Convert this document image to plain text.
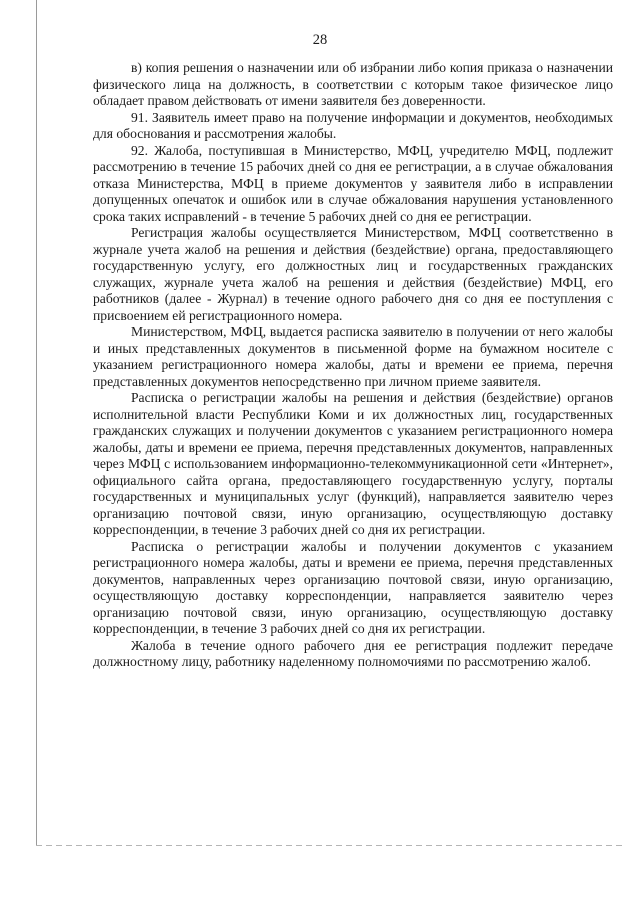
28

в) копия решения о назначении или об избрании либо копия приказа о назначении физического лица на должность, в соответствии с которым такое физическое лицо обладает правом действовать от имени заявителя без доверенности.

91. Заявитель имеет право на получение информации и документов, необходимых для обоснования и рассмотрения жалобы.

92. Жалоба, поступившая в Министерство, МФЦ, учредителю МФЦ, подлежит рассмотрению в течение 15 рабочих дней со дня ее регистрации, а в случае обжалования отказа Министерства, МФЦ в приеме документов у заявителя либо в исправлении допущенных опечаток и ошибок или в случае обжалования нарушения установленного срока таких исправлений - в течение 5 рабочих дней со дня ее регистрации.

Регистрация жалобы осуществляется Министерством, МФЦ соответственно в журнале учета жалоб на решения и действия (бездействие) органа, предоставляющего государственную услугу, его должностных лиц и государственных гражданских служащих, журнале учета жалоб на решения и действия (бездействие) МФЦ, его работников (далее - Журнал) в течение одного рабочего дня со дня ее поступления с присвоением ей регистрационного номера.

Министерством, МФЦ, выдается расписка заявителю в получении от него жалобы и иных представленных документов в письменной форме на бумажном носителе с указанием регистрационного номера жалобы, даты и времени ее приема, перечня представленных документов непосредственно при личном приеме заявителя.

Расписка о регистрации жалобы на решения и действия (бездействие) органов исполнительной власти Республики Коми и их должностных лиц, государственных гражданских служащих и получении документов с указанием регистрационного номера жалобы, даты и времени ее приема, перечня представленных документов, направленных через МФЦ с использованием информационно-телекоммуникационной сети «Интернет», официального сайта органа, предоставляющего государственную услугу, порталы государственных и муниципальных услуг (функций), направляется заявителю через организацию почтовой связи, иную организацию, осуществляющую доставку корреспонденции, в течение 3 рабочих дней со дня их регистрации.

Расписка о регистрации жалобы и получении документов с указанием регистрационного номера жалобы, даты и времени ее приема, перечня представленных документов, направленных через организацию почтовой связи, иную организацию, осуществляющую доставку корреспонденции, направляется заявителю через организацию почтовой связи, иную организацию, осуществляющую доставку корреспонденции, в течение 3 рабочих дней со дня их регистрации.

Жалоба в течение одного рабочего дня ее регистрация подлежит передаче должностному лицу, работнику наделенному полномочиями по рассмотрению жалоб.
